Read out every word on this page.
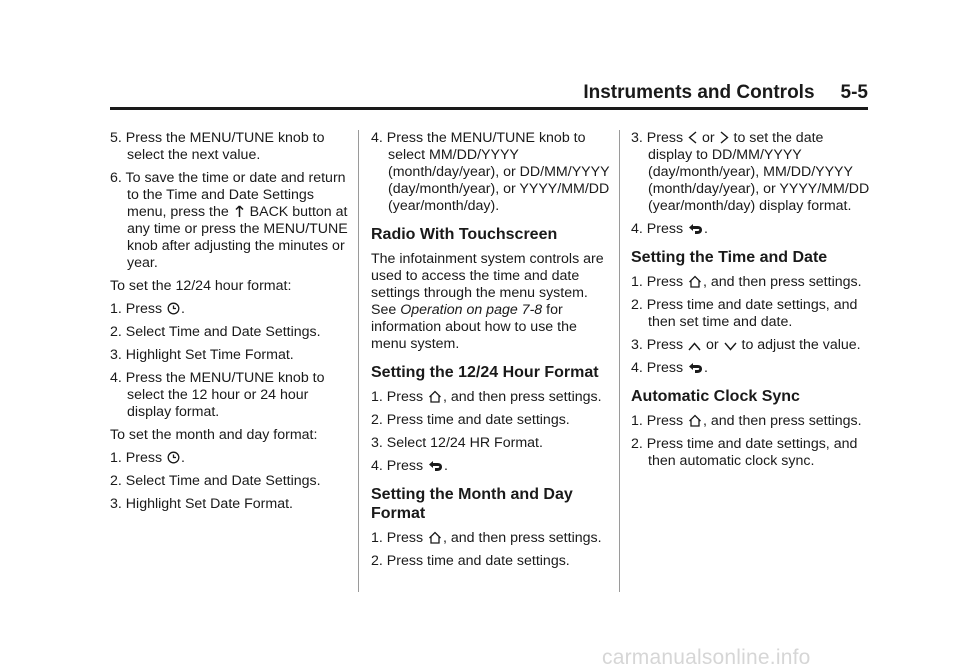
Instruments and Controls 5-5
5. Press the MENU/TUNE knob to select the next value.
6. To save the time or date and return to the Time and Date Settings menu, press the BACK button at any time or press the MENU/TUNE knob after adjusting the minutes or year.
To set the 12/24 hour format:
1. Press .
2. Select Time and Date Settings.
3. Highlight Set Time Format.
4. Press the MENU/TUNE knob to select the 12 hour or 24 hour display format.
To set the month and day format:
1. Press .
2. Select Time and Date Settings.
3. Highlight Set Date Format.
4. Press the MENU/TUNE knob to select MM/DD/YYYY (month/day/year), or DD/MM/YYYY (day/month/year), or YYYY/MM/DD (year/month/day).
Radio With Touchscreen
The infotainment system controls are used to access the time and date settings through the menu system. See Operation on page 7-8 for information about how to use the menu system.
Setting the 12/24 Hour Format
1. Press , and then press settings.
2. Press time and date settings.
3. Select 12/24 HR Format.
4. Press .
Setting the Month and Day Format
1. Press , and then press settings.
2. Press time and date settings.
3. Press or to set the date display to DD/MM/YYYY (day/month/year), MM/DD/YYYY (month/day/year), or YYYY/MM/DD (year/month/day) display format.
4. Press .
Setting the Time and Date
1. Press , and then press settings.
2. Press time and date settings, and then set time and date.
3. Press or to adjust the value.
4. Press .
Automatic Clock Sync
1. Press , and then press settings.
2. Press time and date settings, and then automatic clock sync.
carmanualsonline.info
